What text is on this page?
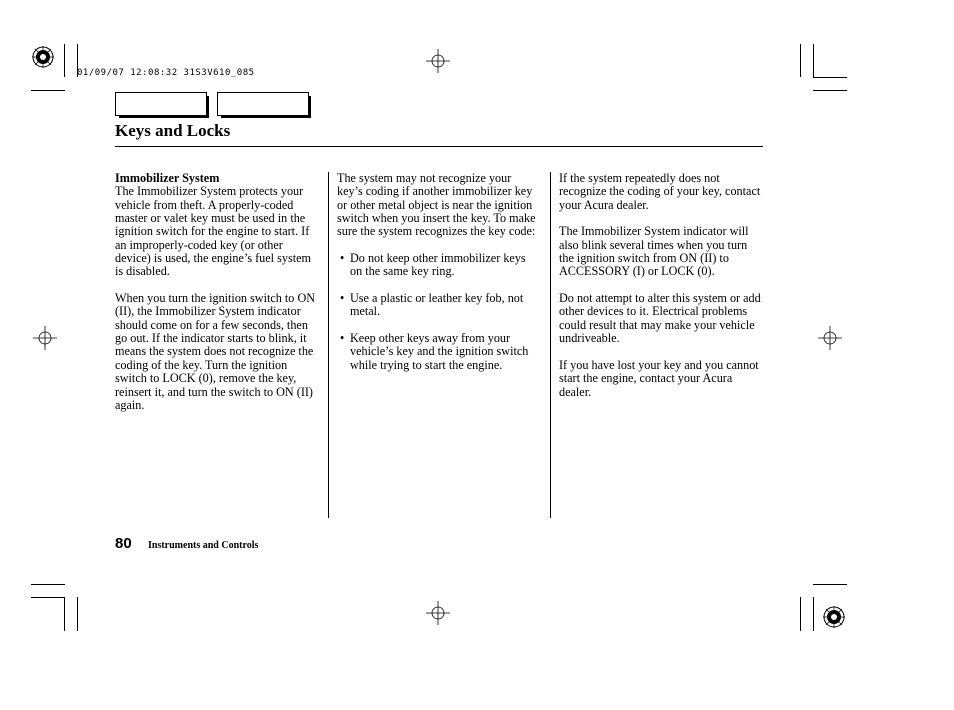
01/09/07 12:08:32 31S3V610_085
Keys and Locks
Immobilizer System

The Immobilizer System protects your vehicle from theft. A properly-coded master or valet key must be used in the ignition switch for the engine to start. If an improperly-coded key (or other device) is used, the engine’s fuel system is disabled.

When you turn the ignition switch to ON (II), the Immobilizer System indicator should come on for a few seconds, then go out. If the indicator starts to blink, it means the system does not recognize the coding of the key. Turn the ignition switch to LOCK (0), remove the key, reinsert it, and turn the switch to ON (II) again.

The system may not recognize your key’s coding if another immobilizer key or other metal object is near the ignition switch when you insert the key. To make sure the system recognizes the key code:

• Do not keep other immobilizer keys on the same key ring.
• Use a plastic or leather key fob, not metal.
• Keep other keys away from your vehicle’s key and the ignition switch while trying to start the engine.

If the system repeatedly does not recognize the coding of your key, contact your Acura dealer.

The Immobilizer System indicator will also blink several times when you turn the ignition switch from ON (II) to ACCESSORY (I) or LOCK (0).

Do not attempt to alter this system or add other devices to it. Electrical problems could result that may make your vehicle undriveable.

If you have lost your key and you cannot start the engine, contact your Acura dealer.

80 Instruments and Controls
